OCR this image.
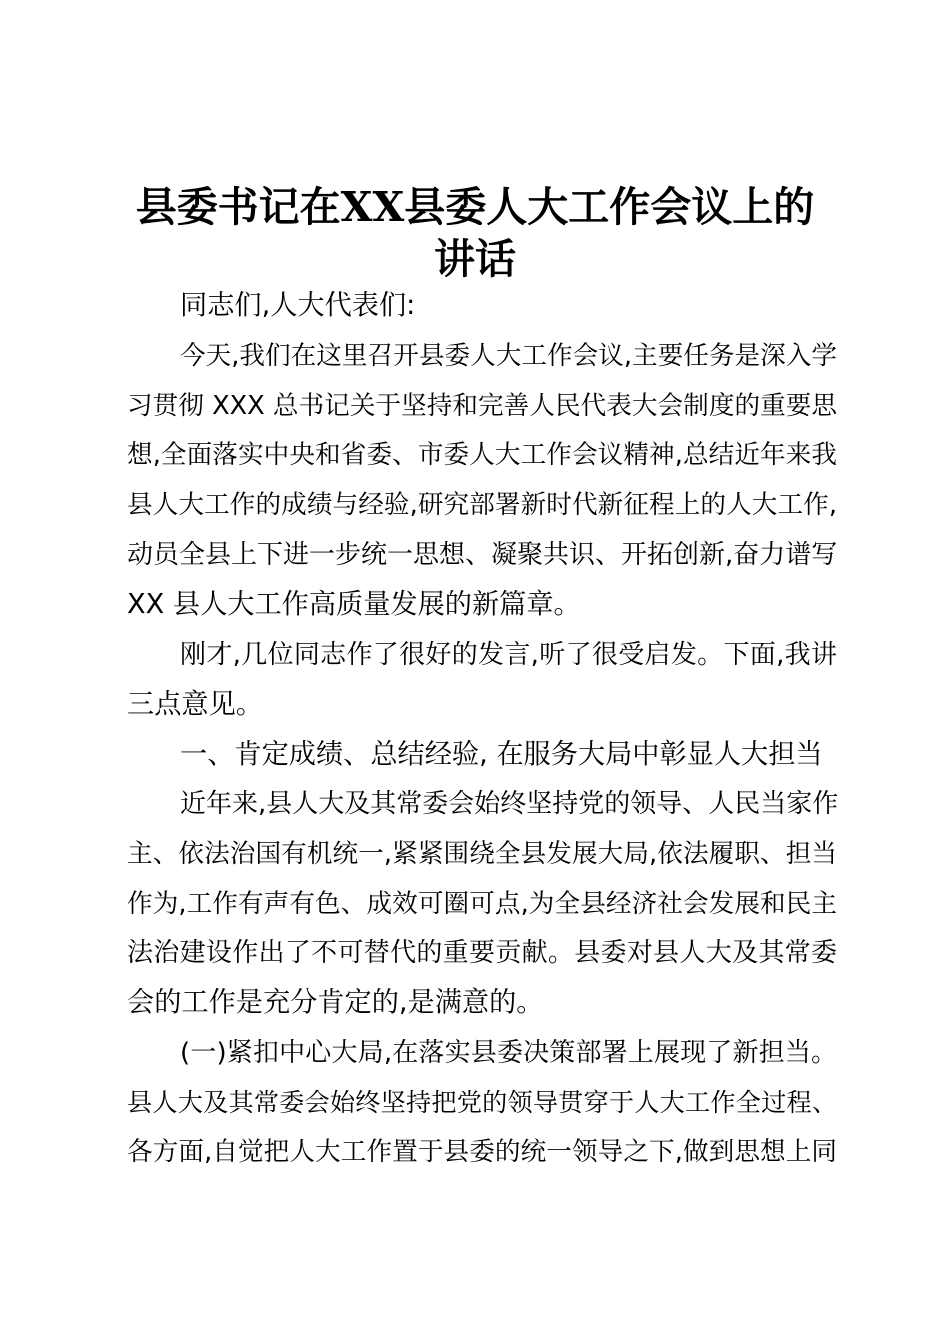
县委书记在XX县委人大工作会议上的
讲话
同志们,人大代表们:
今天,我们在这里召开县委人大工作会议,主要任务是深入学
习贯彻 XXX 总书记关于坚持和完善人民代表大会制度的重要思
想,全面落实中央和省委、市委人大工作会议精神,总结近年来我
县人大工作的成绩与经验,研究部署新时代新征程上的人大工作,
动员全县上下进一步统一思想、凝聚共识、开拓创新,奋力谱写
XX 县人大工作高质量发展的新篇章。
刚才,几位同志作了很好的发言,听了很受启发。下面,我讲
三点意见。
一、肯定成绩、总结经验, 在服务大局中彰显人大担当
近年来,县人大及其常委会始终坚持党的领导、人民当家作
主、依法治国有机统一,紧紧围绕全县发展大局,依法履职、担当
作为,工作有声有色、成效可圈可点,为全县经济社会发展和民主
法治建设作出了不可替代的重要贡献。县委对县人大及其常委
会的工作是充分肯定的,是满意的。
(一)紧扣中心大局,在落实县委决策部署上展现了新担当。
县人大及其常委会始终坚持把党的领导贯穿于人大工作全过程、
各方面,自觉把人大工作置于县委的统一领导之下,做到思想上同
